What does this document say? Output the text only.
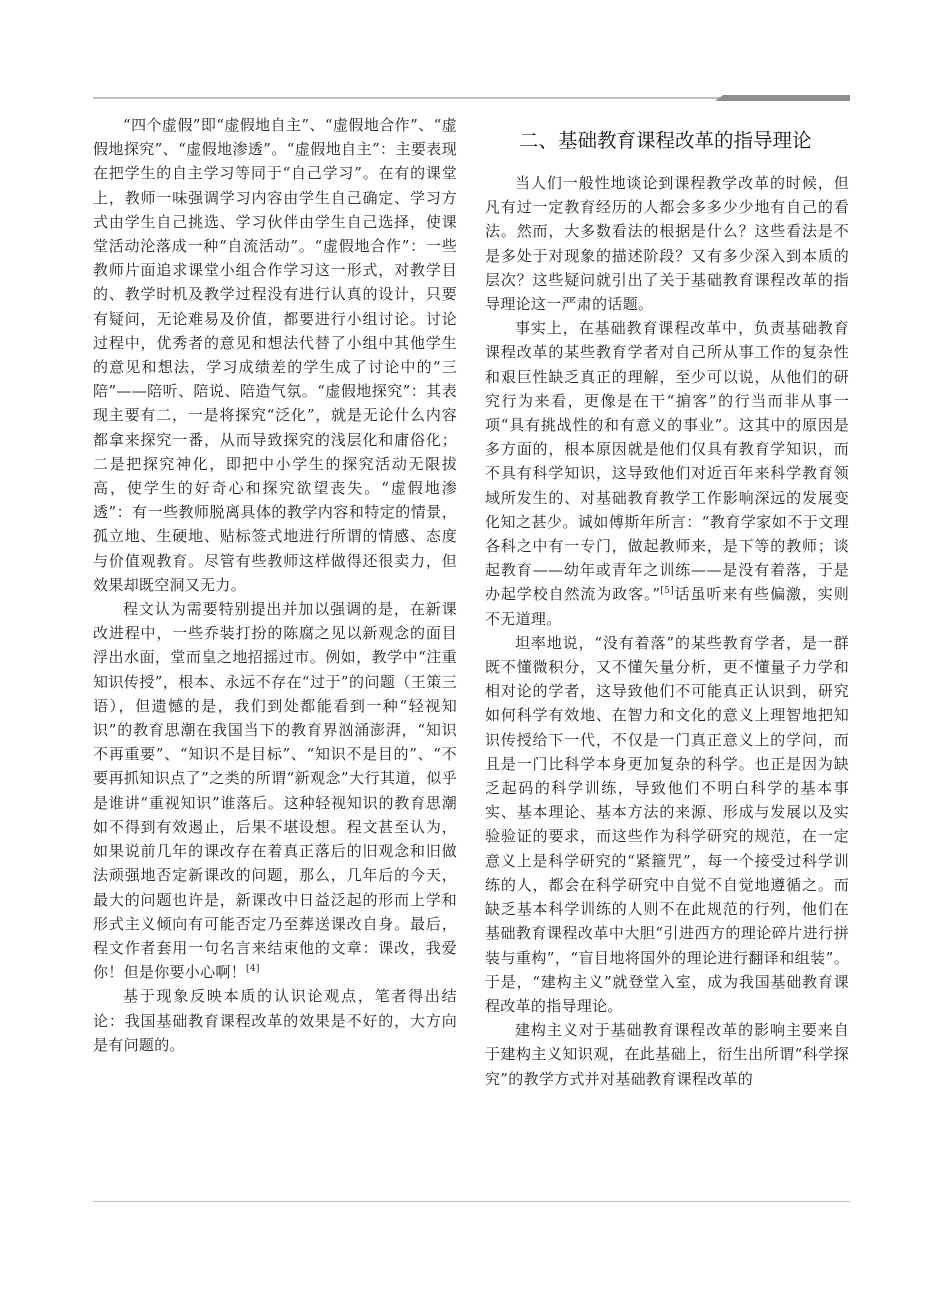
“四个虚假”即“虚假地自主”、“虚假地合作”、“虚假地探究”、“虚假地渗透”。“虚假地自主”：主要表现在把学生的自主学习等同于“自己学习”。在有的课堂上，教师一味强调学习内容由学生自己确定、学习方式由学生自己挑选、学习伙伴由学生自己选择，使课堂活动沦落成一种“自流活动”。“虚假地合作”：一些教师片面追求课堂小组合作学习这一形式，对教学目的、教学时机及教学过程没有进行认真的设计，只要有疑问，无论难易及价值，都要进行小组讨论。讨论过程中，优秀者的意见和想法代替了小组中其他学生的意见和想法，学习成绩差的学生成了讨论中的“三陪”——陪听、陪说、陪造气氛。“虚假地探究”：其表现主要有二，一是将探究“泛化”，就是无论什么内容都拿来探究一番，从而导致探究的浅层化和庸俗化；二是把探究神化，即把中小学生的探究活动无限拔高，使学生的好奇心和探究欲望丧失。“虚假地渗透”：有一些教师脱离具体的教学内容和特定的情景，孤立地、生硬地、贴标签式地进行所谓的情感、态度与价值观教育。尽管有些教师这样做得还很卖力，但效果却既空洞又无力。

程文认为需要特别提出并加以强调的是，在新课改进程中，一些乔装打扮的陈腐之见以新观念的面目浮出水面，堂而皇之地招摇过市。例如，教学中“注重知识传授”，根本、永远不存在“过于”的问题（王策三语），但遗憾的是，我们到处都能看到一种“轻视知识”的教育思潮在我国当下的教育界汹涌澎湃，“知识不再重要”、“知识不是目标”、“知识不是目的”、“不要再抓知识点了”之类的所谓“新观念”大行其道，似乎是谁讲“重视知识”谁落后。这种轻视知识的教育思潮如不得到有效遏止，后果不堪设想。程文甚至认为，如果说前几年的课改存在着真正落后的旧观念和旧做法顽强地否定新课改的问题，那么，几年后的今天，最大的问题也许是，新课改中日益泛起的形而上学和形式主义倾向有可能否定乃至葬送课改自身。最后，程文作者套用一句名言来结束他的文章：课改，我爱你！但是你要小心啊！[4]

基于现象反映本质的认识论观点，笔者得出结论：我国基础教育课程改革的效果是不好的，大方向是有问题的。

二、基础教育课程改革的指导理论

当人们一般性地谈论到课程教学改革的时候，但凡有过一定教育经历的人都会多多少少地有自己的看法。然而，大多数看法的根据是什么？这些看法是不是多处于对现象的描述阶段？又有多少深入到本质的层次？这些疑问就引出了关于基础教育课程改革的指导理论这一严肃的话题。

事实上，在基础教育课程改革中，负责基础教育课程改革的某些教育学者对自己所从事工作的复杂性和艰巨性缺乏真正的理解，至少可以说，从他们的研究行为来看，更像是在干“掮客”的行当而非从事一项“具有挑战性的和有意义的事业”。这其中的原因是多方面的，根本原因就是他们仅具有教育学知识，而不具有科学知识，这导致他们对近百年来科学教育领域所发生的、对基础教育教学工作影响深远的发展变化知之甚少。诚如傅斯年所言：“教育学家如不于文理各科之中有一专门，做起教师来，是下等的教师；谈起教育——幼年或青年之训练——是没有着落，于是办起学校自然流为政客。”[5]话虽听来有些偏激，实则不无道理。

坦率地说，“没有着落”的某些教育学者，是一群既不懂微积分，又不懂矢量分析，更不懂量子力学和相对论的学者，这导致他们不可能真正认识到，研究如何科学有效地、在智力和文化的意义上理智地把知识传授给下一代，不仅是一门真正意义上的学问，而且是一门比科学本身更加复杂的科学。也正是因为缺乏起码的科学训练，导致他们不明白科学的基本事实、基本理论、基本方法的来源、形成与发展以及实验验证的要求，而这些作为科学研究的规范，在一定意义上是科学研究的“紧箍咒”，每一个接受过科学训练的人，都会在科学研究中自觉不自觉地遵循之。而缺乏基本科学训练的人则不在此规范的行列，他们在基础教育课程改革中大胆“引进西方的理论碎片进行拼装与重构”，“盲目地将国外的理论进行翻译和组装”。于是，“建构主义”就登堂入室，成为我国基础教育课程改革的指导理论。

建构主义对于基础教育课程改革的影响主要来自于建构主义知识观，在此基础上，衍生出所谓“科学探究”的教学方式并对基础教育课程改革的
